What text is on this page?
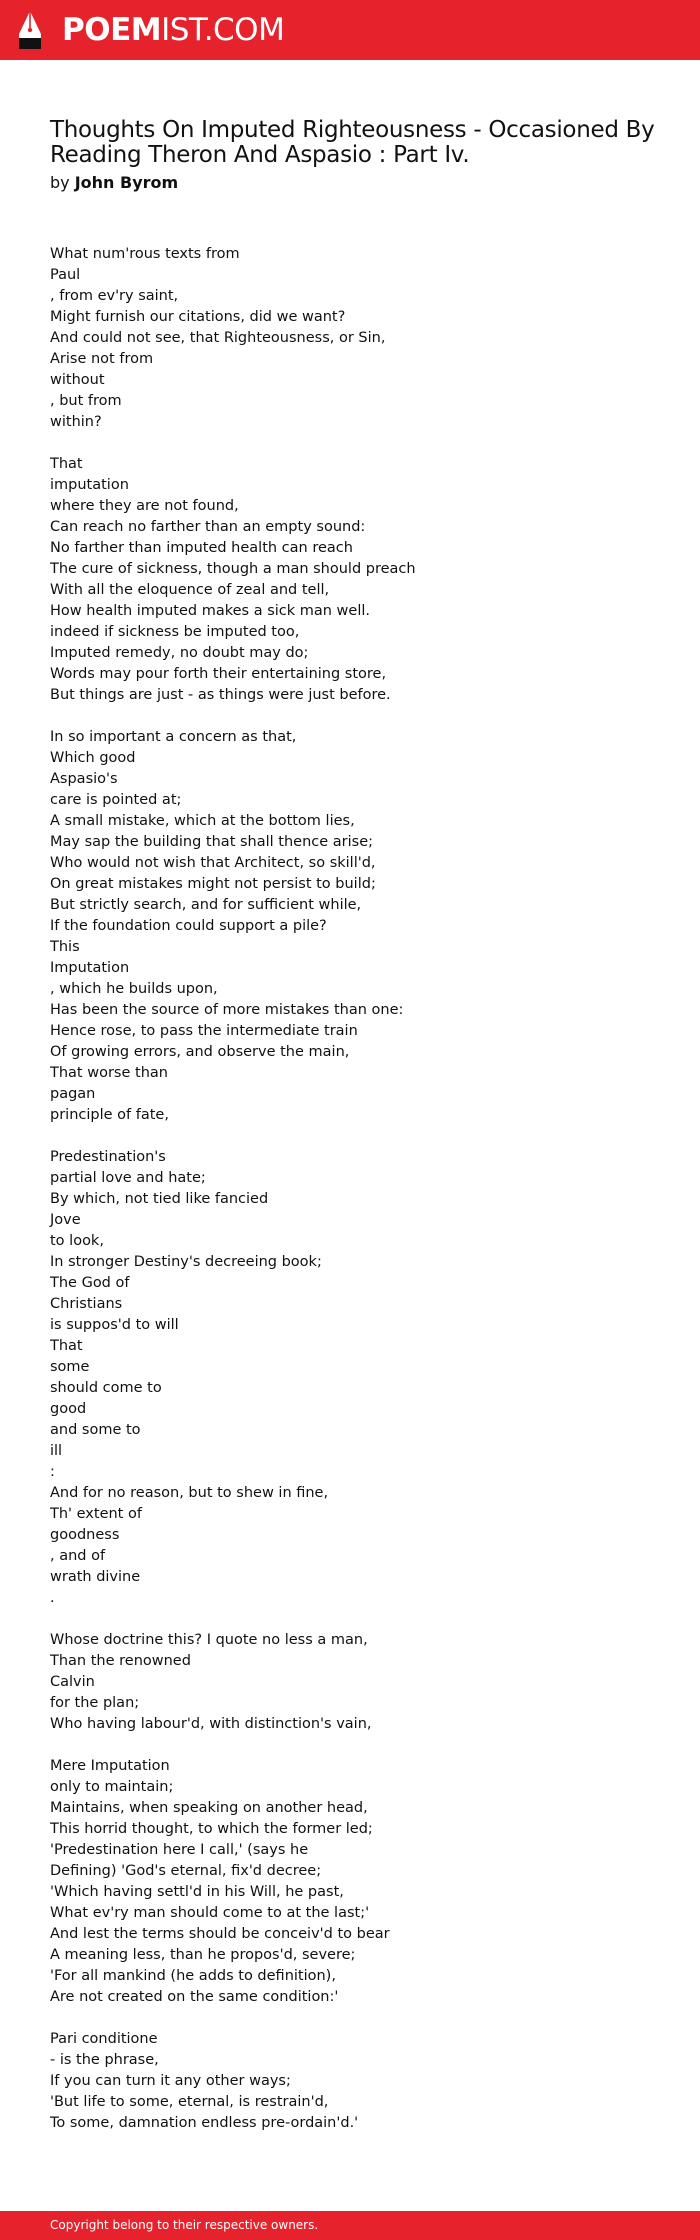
POEMIST.COM
Thoughts On Imputed Righteousness - Occasioned By Reading Theron And Aspasio : Part Iv.
by John Byrom
What num'rous texts from
Paul
, from ev'ry saint,
Might furnish our citations, did we want?
And could not see, that Righteousness, or Sin,
Arise not from
without
, but from
within?
That
imputation
where they are not found,
Can reach no farther than an empty sound:
No farther than imputed health can reach
The cure of sickness, though a man should preach
With all the eloquence of zeal and tell,
How health imputed makes a sick man well.
indeed if sickness be imputed too,
Imputed remedy, no doubt may do;
Words may pour forth their entertaining store,
But things are just - as things were just before.
In so important a concern as that,
Which good
Aspasio's
care is pointed at;
A small mistake, which at the bottom lies,
May sap the building that shall thence arise;
Who would not wish that Architect, so skill'd,
On great mistakes might not persist to build;
But strictly search, and for sufficient while,
If the foundation could support a pile?
This
Imputation
, which he builds upon,
Has been the source of more mistakes than one:
Hence rose, to pass the intermediate train
Of growing errors, and observe the main,
That worse than
pagan
principle of fate,
Predestination's
partial love and hate;
By which, not tied like fancied
Jove
to look,
In stronger Destiny's decreeing book;
The God of
Christians
is suppos'd to will
That
some
should come to
good
and some to
ill
:
And for no reason, but to shew in fine,
Th' extent of
goodness
, and of
wrath divine
.
Whose doctrine this? I quote no less a man,
Than the renowned
Calvin
for the plan;
Who having labour'd, with distinction's vain,
Mere Imputation
only to maintain;
Maintains, when speaking on another head,
This horrid thought, to which the former led;
'Predestination here I call,' (says he
Defining) 'God's eternal, fix'd decree;
'Which having settl'd in his Will, he past,
What ev'ry man should come to at the last;'
And lest the terms should be conceiv'd to bear
A meaning less, than he propos'd, severe;
'For all mankind (he adds to definition),
Are not created on the same condition:'
Pari conditione
- is the phrase,
If you can turn it any other ways;
'But life to some, eternal, is restrain'd,
To some, damnation endless pre-ordain'd.'
Copyright belong to their respective owners.
